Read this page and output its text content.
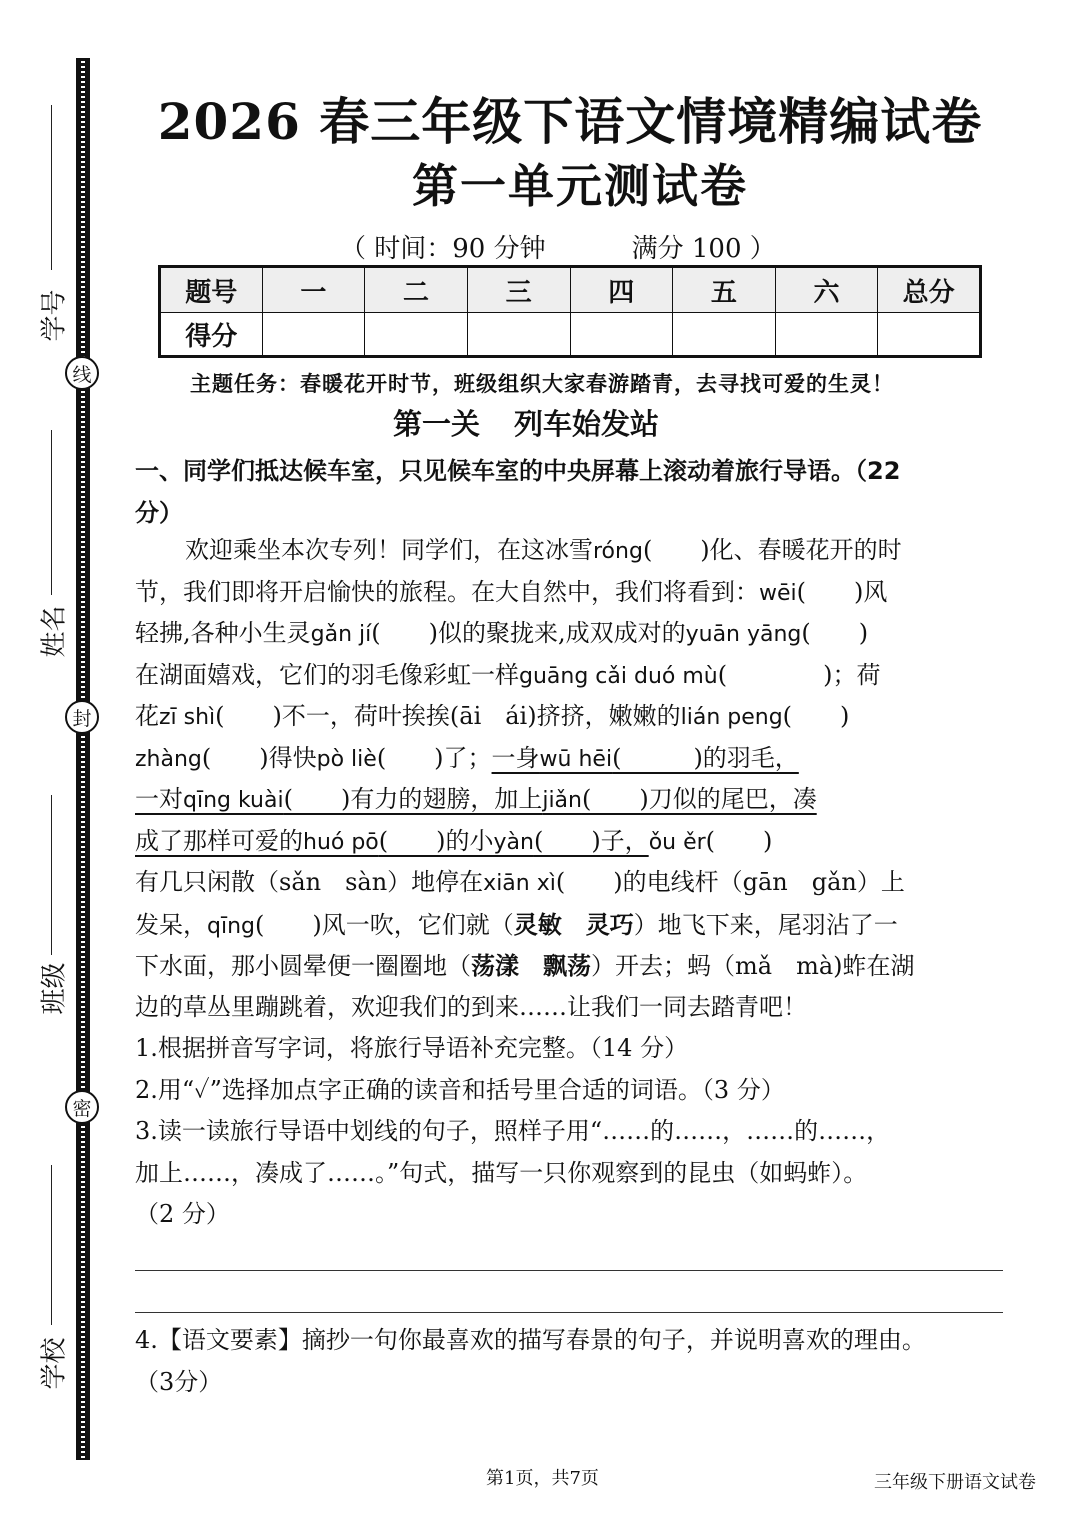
线
封
密
学号
姓名
班级
学校
2026 春三年级下语文情境精编试卷
第一单元测试卷
（ 时间：90 分钟	满分 100 ）
题号	一	二	三	四	五	六	总分
得分							
主题任务：春暖花开时节，班级组织大家春游踏青，去寻找可爱的生灵！
第一关 列车始发站
一、同学们抵达候车室，只见候车室的中央屏幕上滚动着旅行导语。（22
分）
欢迎乘坐本次专列！同学们，在这冰雪róng(　　)化、春暖花开的时
节，我们即将开启愉快的旅程。在大自然中，我们将看到：wēi(　　)风
轻拂,各种小生灵gǎn jí(　　)似的聚拢来,成双成对的yuān yāng(　　)
在湖面嬉戏，它们的羽毛像彩虹一样guāng cǎi duó mù(　　　　)；荷
花zī shì(　　)不一，荷叶挨挨(āi　ái)挤挤，嫩嫩的lián peng(　　)
zhàng(　　)得快pò liè(　　)了；一身wū hēi(　　　)的羽毛，
一对qīng kuài(　　)有力的翅膀，加上jiǎn(　　)刀似的尾巴，凑
成了那样可爱的huó pō(　　)的小yàn(　　)子，ǒu ěr(　　)
有几只闲散（sǎn　sàn）地停在xiān xì(　　)的电线杆（gān　gǎn）上
发呆，qīng(　　)风一吹，它们就（灵敏　灵巧）地飞下来，尾羽沾了一
下水面，那小圆晕便一圈圈地（荡漾　飘荡）开去；蚂（mǎ　mà)蚱在湖
边的草丛里蹦跳着，欢迎我们的到来……让我们一同去踏青吧！
1.根据拼音写字词，将旅行导语补充完整。（14 分）
2.用“✓”选择加点字正确的读音和括号里合适的词语。（3 分）
3.读一读旅行导语中划线的句子，照样子用“……的……，……的……，
加上……，凑成了……。”句式，描写一只你观察到的昆虫（如蚂蚱）。
（2 分）
4.【语文要素】摘抄一句你最喜欢的描写春景的句子，并说明喜欢的理由。
（3分）
第1页，共7页	三年级下册语文试卷
